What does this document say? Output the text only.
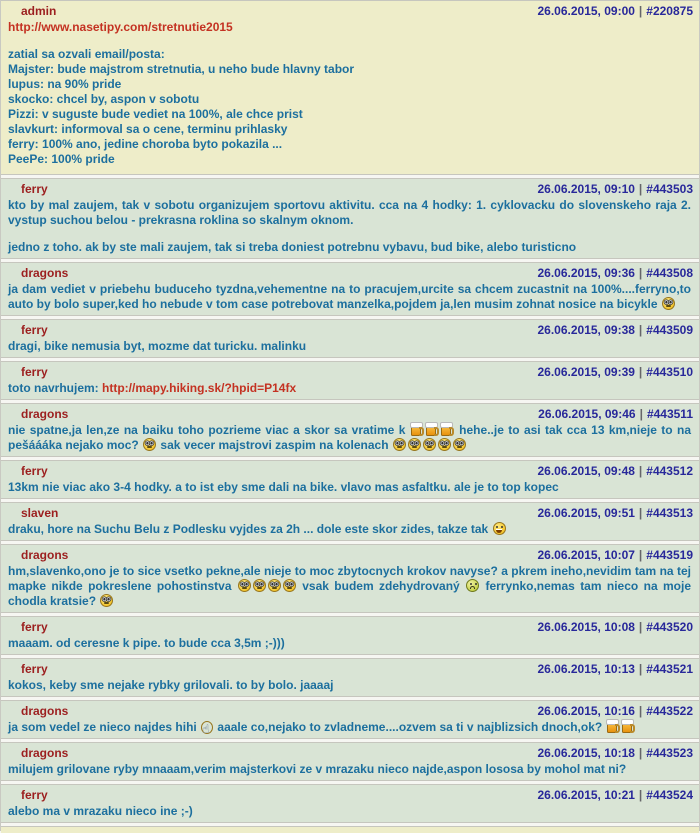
admin	26.06.2015, 09:00 | #220875

http://www.nasetipy.com/stretnutie2015

zatial sa ozvali email/posta:

Majster: bude majstrom stretnutia, u neho bude hlavny tabor

lupus: na 90% pride

skocko: chcel by, aspon v sobotu

Pizzi: v suguste bude vediet na 100%, ale chce prist

slavkurt: informoval sa o cene, terminu prihlasky

ferry: 100% ano, jedine choroba byto pokazila ...

PeePe: 100% pride

ferry	26.06.2015, 09:10 | #443503

kto by mal zaujem, tak v sobotu organizujem sportovu aktivitu. cca na 4 hodky: 1. cyklovacku do slovenskeho raja 2. vystup suchou belou - prekrasna roklina so skalnym oknom.

jedno z toho. ak by ste mali zaujem, tak si treba doniest potrebnu vybavu, bud bike, alebo turisticno

dragons	26.06.2015, 09:36 | #443508

ja dam vediet v priebehu buduceho tyzdna,vehementne na to pracujem,urcite sa chcem zucastnit na 100%....ferryno,to auto by bolo super,ked ho nebude v tom case potrebovat manzelka,pojdem ja,len musim zohnat nosice na bicykle

ferry	26.06.2015, 09:38 | #443509

dragi, bike nemusia byt, mozme dat turicku. malinku

ferry	26.06.2015, 09:39 | #443510

toto navrhujem: http://mapy.hiking.sk/?hpid=P14fx

dragons	26.06.2015, 09:46 | #443511

nie spatne,ja len,ze na baiku toho pozrieme viac a skor sa vratime k	hehe..je to asi tak cca 13 km,nieje to na pešáááka nejako moc?  sak vecer majstrovi zaspim na kolenach

ferry	26.06.2015, 09:48 | #443512

13km nie viac ako 3-4 hodky. a to ist eby sme dali na bike. vlavo mas asfaltku. ale je to top kopec

slaven	26.06.2015, 09:51 | #443513

draku, hore na Suchu Belu z Podlesku vyjdes za 2h ... dole este skor zides, takze tak

dragons	26.06.2015, 10:07 | #443519

hm,slavenko,ono je to sice vsetko pekne,ale nieje to moc zbytocnych krokov navyse? a pkrem ineho,nevidim tam na tej mapke nikde pokreslene pohostinstva	vsak budem zdehydrovaný  ferrynko,nemas tam nieco na moje chodla kratsie?

ferry	26.06.2015, 10:08 | #443520

maaam. od ceresne k pipe. to bude cca 3,5m ;-)))

ferry	26.06.2015, 10:13 | #443521

kokos, keby sme nejake rybky grilovali. to by bolo. jaaaaj

dragons	26.06.2015, 10:16 | #443522

ja som vedel ze nieco najdes hihi ☝ aaale co,nejako to zvladneme....ozvem sa ti v najblizsich dnoch,ok?

dragons	26.06.2015, 10:18 | #443523

milujem grilovane ryby mnaaam,verim majsterkovi ze v mrazaku nieco najde,aspon lososa by mohol mat ni?

ferry	26.06.2015, 10:21 | #443524

alebo ma v mrazaku nieco ine ;-)
